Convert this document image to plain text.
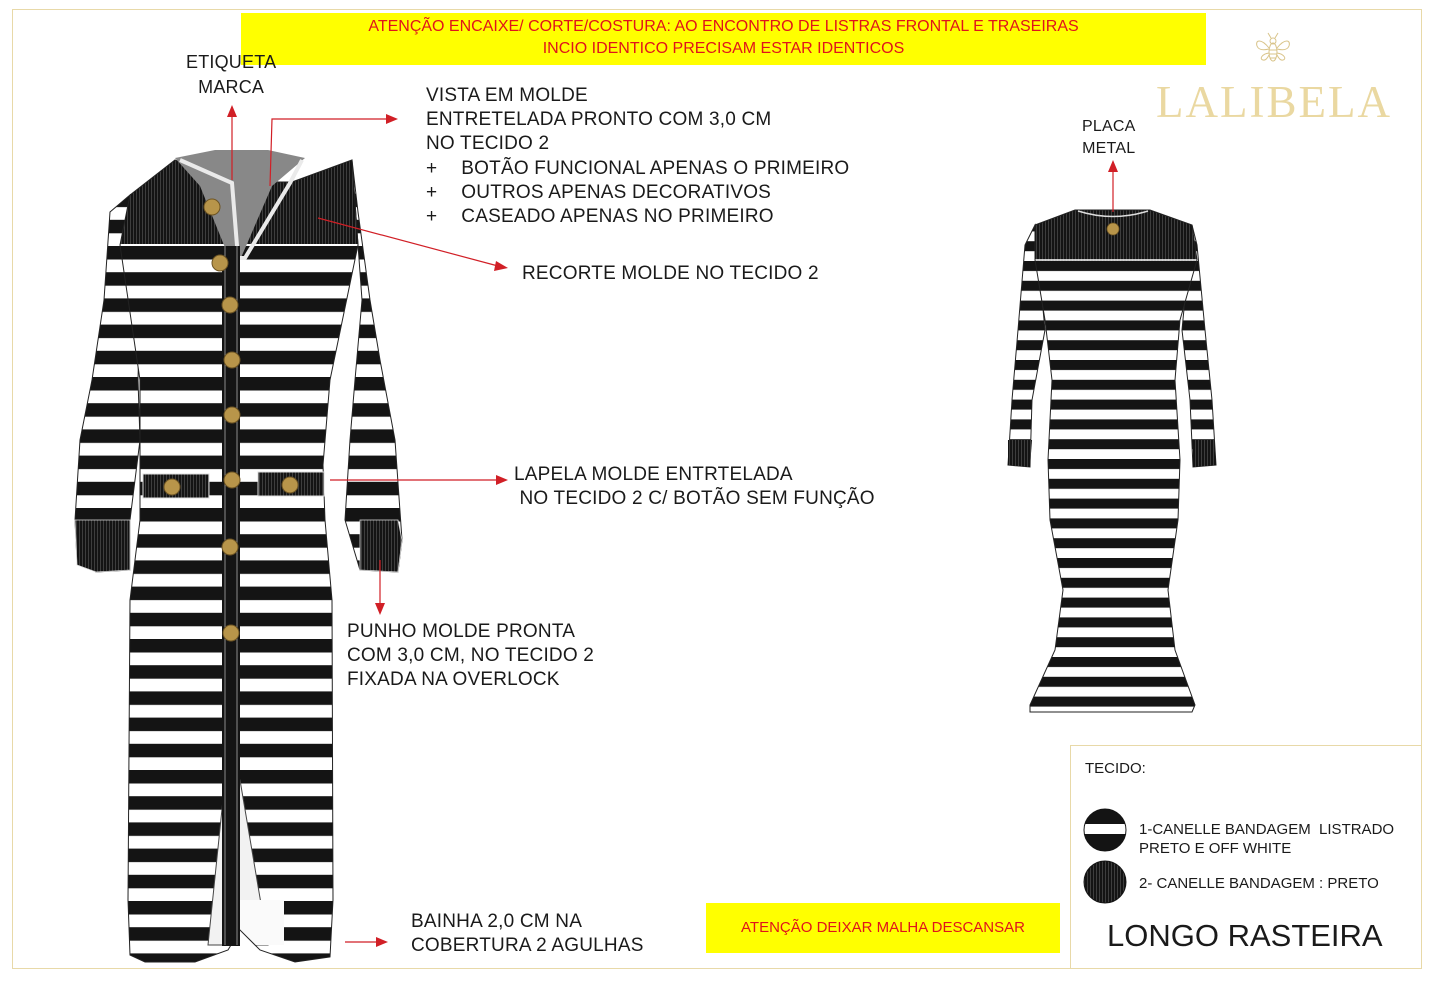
ATENÇÃO ENCAIXE/ CORTE/COSTURA: AO ENCONTRO DE LISTRAS FRONTAL E TRASEIRAS
INCIO IDENTICO PRECISAM ESTAR IDENTICOS
LALIBELA
ETIQUETA
MARCA	VISTA EM MOLDE
ENTRETELADA PRONTO COM 3,0 CM
NO TECIDO 2
+ BOTÃO FUNCIONAL APENAS O PRIMEIRO
+ OUTROS APENAS DECORATIVOS
+ CASEADO APENAS NO PRIMEIRO
RECORTE MOLDE NO TECIDO 2
LAPELA MOLDE ENTRTELADA
NO TECIDO 2 C/ BOTÃO SEM FUNÇÃO
PUNHO MOLDE PRONTA
COM 3,0 CM, NO TECIDO 2
FIXADA NA OVERLOCK
BAINHA 2,0 CM NA
COBERTURA 2 AGULHAS
PLACA
METAL
ATENÇÃO DEIXAR MALHA DESCANSAR
TECIDO:
1-CANELLE BANDAGEM  LISTRADO
PRETO E OFF WHITE
2- CANELLE BANDAGEM : PRETO
LONGO RASTEIRA
